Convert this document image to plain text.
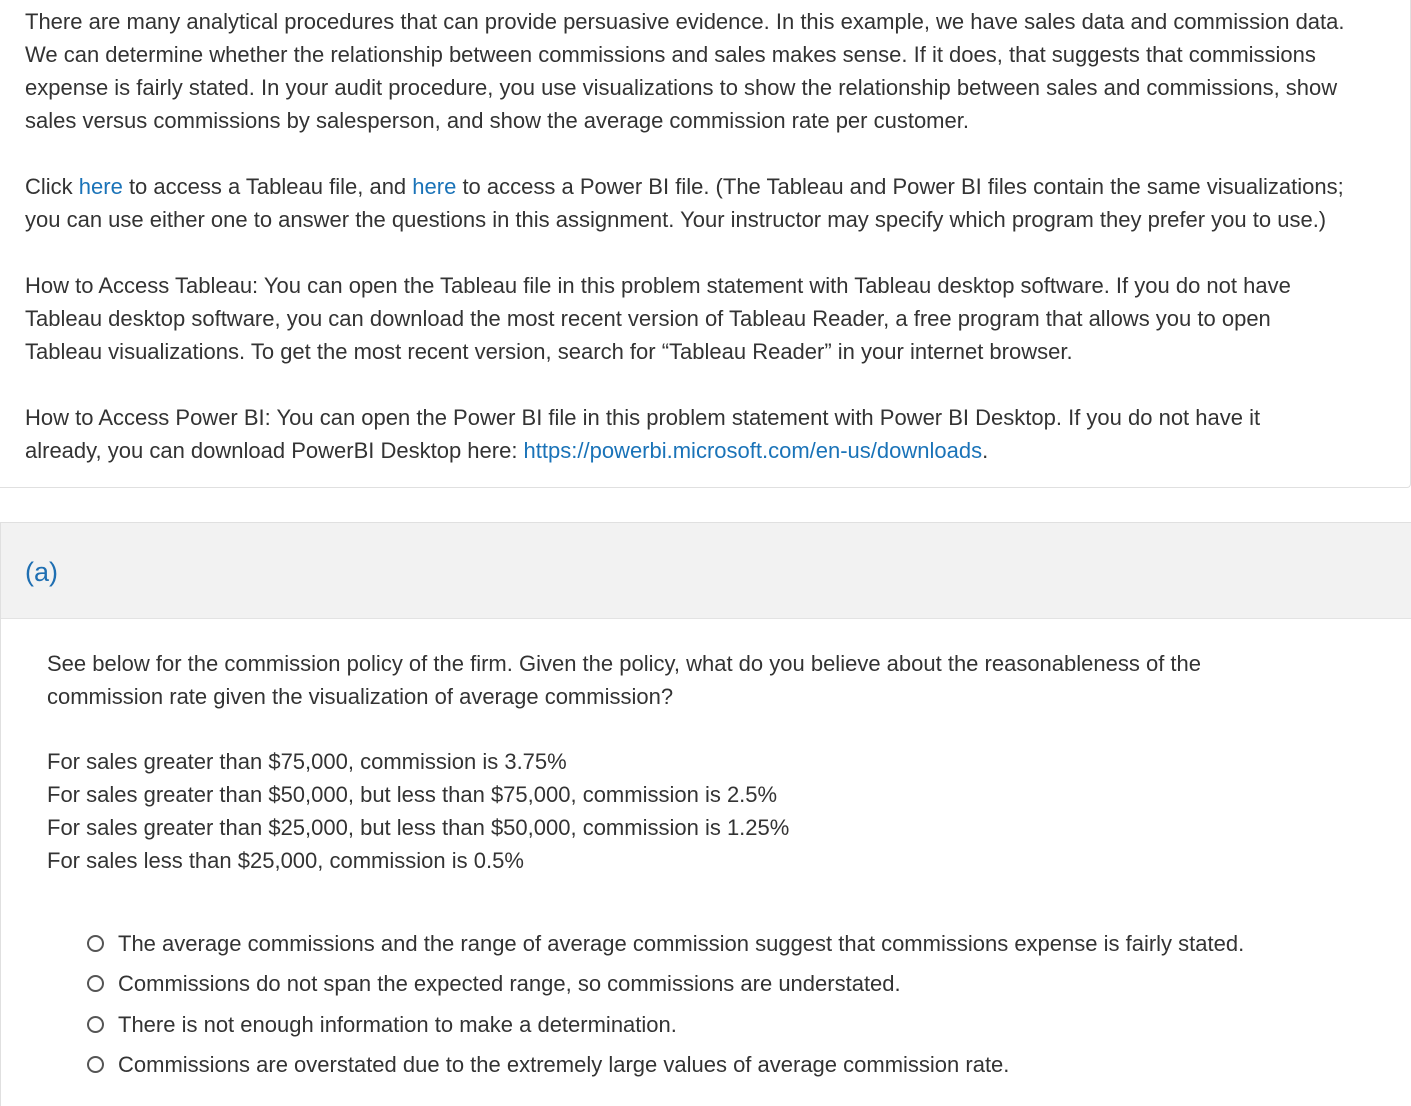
There are many analytical procedures that can provide persuasive evidence. In this example, we have sales data and commission data.
We can determine whether the relationship between commissions and sales makes sense. If it does, that suggests that commissions
expense is fairly stated. In your audit procedure, you use visualizations to show the relationship between sales and commissions, show
sales versus commissions by salesperson, and show the average commission rate per customer.
Click here to access a Tableau file, and here to access a Power BI file. (The Tableau and Power BI files contain the same visualizations;
you can use either one to answer the questions in this assignment. Your instructor may specify which program they prefer you to use.)
How to Access Tableau: You can open the Tableau file in this problem statement with Tableau desktop software. If you do not have
Tableau desktop software, you can download the most recent version of Tableau Reader, a free program that allows you to open
Tableau visualizations. To get the most recent version, search for “Tableau Reader” in your internet browser.
How to Access Power BI: You can open the Power BI file in this problem statement with Power BI Desktop. If you do not have it
already, you can download PowerBI Desktop here: https://powerbi.microsoft.com/en-us/downloads.
(a)
See below for the commission policy of the firm. Given the policy, what do you believe about the reasonableness of the
commission rate given the visualization of average commission?
For sales greater than $75,000, commission is 3.75%
For sales greater than $50,000, but less than $75,000, commission is 2.5%
For sales greater than $25,000, but less than $50,000, commission is 1.25%
For sales less than $25,000, commission is 0.5%
The average commissions and the range of average commission suggest that commissions expense is fairly stated.
Commissions do not span the expected range, so commissions are understated.
There is not enough information to make a determination.
Commissions are overstated due to the extremely large values of average commission rate.
